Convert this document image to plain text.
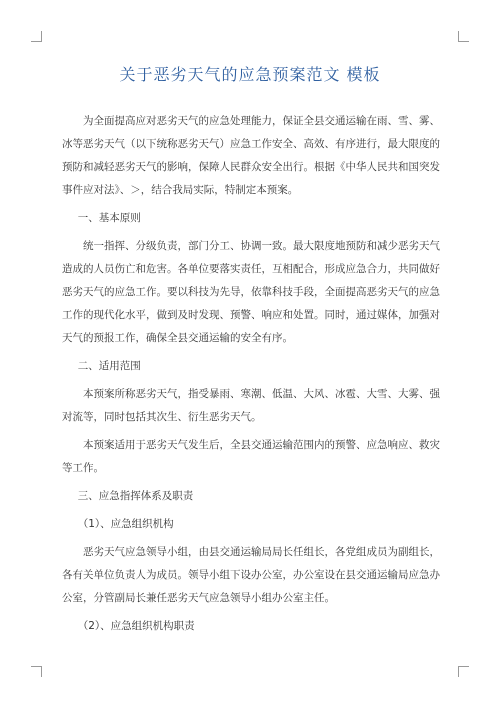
关于恶劣天气的应急预案范文 模板

为全面提高应对恶劣天气的应急处理能力，保证全县交通运输在雨、雪、雾、冰等恶劣天气（以下统称恶劣天气）应急工作安全、高效、有序进行，最大限度的预防和减轻恶劣天气的影响，保障人民群众安全出行。根据《中华人民共和国突发事件应对法》、＞，结合我局实际，特制定本预案。

一、基本原则

统一指挥、分级负责，部门分工、协调一致。最大限度地预防和减少恶劣天气造成的人员伤亡和危害。各单位要落实责任，互相配合，形成应急合力，共同做好恶劣天气的应急工作。要以科技为先导，依靠科技手段，全面提高恶劣天气的应急工作的现代化水平，做到及时发现、预警、响应和处置。同时，通过媒体，加强对天气的预报工作，确保全县交通运输的安全有序。

二、适用范围

本预案所称恶劣天气，指受暴雨、寒潮、低温、大风、冰雹、大雪、大雾、强对流等，同时包括其次生、衍生恶劣天气。

本预案适用于恶劣天气发生后，全县交通运输范围内的预警、应急响应、救灾等工作。

三、应急指挥体系及职责

（1）、应急组织机构

恶劣天气应急领导小组，由县交通运输局局长任组长，各党组成员为副组长，各有关单位负责人为成员。领导小组下设办公室，办公室设在县交通运输局应急办公室，分管副局长兼任恶劣天气应急领导小组办公室主任。

（2）、应急组织机构职责
